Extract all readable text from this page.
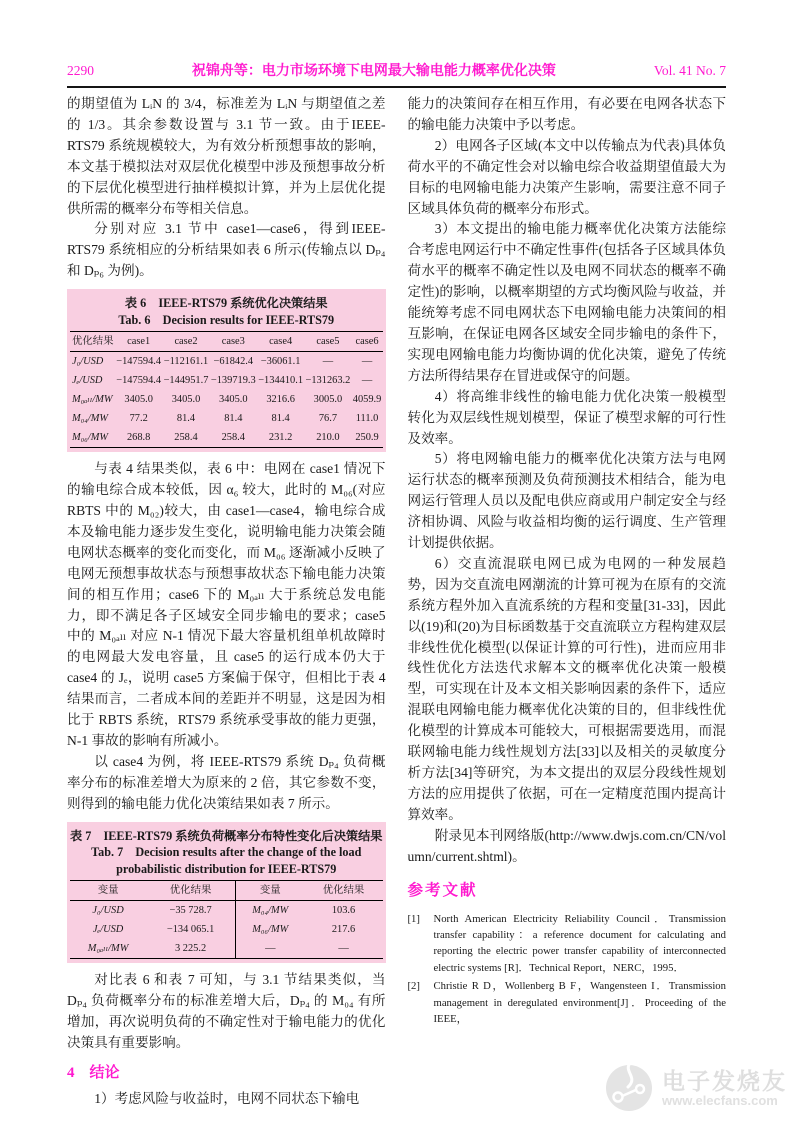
2290	祝锦舟等：电力市场环境下电网最大输电能力概率优化决策	Vol. 41 No. 7

的期望值为 LᵢN 的 3/4，标准差为 LᵢN 与期望值之差的 1/3。其余参数设置与 3.1 节一致。由于IEEE-RTS79 系统规模较大，为有效分析预想事故的影响，本文基于模拟法对双层优化模型中涉及预想事故分析的下层优化模型进行抽样模拟计算，并为上层优化提供所需的概率分布等相关信息。

分别对应 3.1 节中 case1—case6，得到IEEE-RTS79 系统相应的分析结果如表 6 所示(传输点以 Dₚ₄ 和 Dₚ₆ 为例)。

表 6　IEEE-RTS79 系统优化决策结果
Tab. 6　Decision results for IEEE-RTS79
优化结果	case1	case2	case3	case4	case5	case6
J₀/USD	−147594.4	−112161.1	−61842.4	−36061.1	—	—
Jₑ/USD	−147594.4	−144951.7	−139719.3	−134410.1	−131263.2	—
M₀ₐₗₗ/MW	3405.0	3405.0	3405.0	3216.6	3005.0	4059.9
M₀₄/MW	77.2	81.4	81.4	81.4	76.7	111.0
M₀₆/MW	268.8	258.4	258.4	231.2	210.0	250.9

与表 4 结果类似，表 6 中：电网在 case1 情况下的输电综合成本较低，因 α₆ 较大，此时的 M₀₆(对应 RBTS 中的 M₀₂)较大，由 case1—case4，输电综合成本及输电能力逐步发生变化，说明输电能力决策会随电网状态概率的变化而变化，而 M₀₆ 逐渐减小反映了电网无预想事故状态与预想事故状态下输电能力决策间的相互作用；case6 下的 M₀ₐₗₗ 大于系统总发电能力，即不满足各子区域安全同步输电的要求；case5 中的 M₀ₐₗₗ 对应 N-1 情况下最大容量机组单机故障时的电网最大发电容量，且 case5 的运行成本仍大于 case4 的 Jₑ，说明 case5 方案偏于保守，但相比于表 4 结果而言，二者成本间的差距并不明显，这是因为相比于 RBTS 系统，RTS79 系统承受事故的能力更强，N-1 事故的影响有所减小。

以 case4 为例，将 IEEE-RTS79 系统 Dₚ₄ 负荷概率分布的标准差增大为原来的 2 倍，其它参数不变，则得到的输电能力优化决策结果如表 7 所示。

表 7　IEEE-RTS79 系统负荷概率分布特性变化后决策结果
Tab. 7　Decision results after the change of the load probabilistic distribution for IEEE-RTS79
变量	优化结果	变量	优化结果
J₀/USD	−35 728.7	M₀₄/MW	103.6
Jₑ/USD	−134 065.1	M₀₆/MW	217.6
M₀ₐₗₗ/MW	3 225.2	—	—

对比表 6 和表 7 可知，与 3.1 节结果类似，当 Dₚ₄ 负荷概率分布的标准差增大后，Dₚ₄ 的 M₀₄ 有所增加，再次说明负荷的不确定性对于输电能力的优化决策具有重要影响。

4　结论

1）考虑风险与收益时，电网不同状态下输电

能力的决策间存在相互作用，有必要在电网各状态下的输电能力决策中予以考虑。

2）电网各子区域(本文中以传输点为代表)具体负荷水平的不确定性会对以输电综合收益期望值最大为目标的电网输电能力决策产生影响，需要注意不同子区域具体负荷的概率分布形式。

3）本文提出的输电能力概率优化决策方法能综合考虑电网运行中不确定性事件(包括各子区域具体负荷水平的概率不确定性以及电网不同状态的概率不确定性)的影响，以概率期望的方式均衡风险与收益，并能统筹考虑不同电网状态下电网输电能力决策间的相互影响，在保证电网各区域安全同步输电的条件下，实现电网输电能力均衡协调的优化决策，避免了传统方法所得结果存在冒进或保守的问题。

4）将高维非线性的输电能力优化决策一般模型转化为双层线性规划模型，保证了模型求解的可行性及效率。

5）将电网输电能力的概率优化决策方法与电网运行状态的概率预测及负荷预测技术相结合，能为电网运行管理人员以及配电供应商或用户制定安全与经济相协调、风险与收益相均衡的运行调度、生产管理计划提供依据。

6）交直流混联电网已成为电网的一种发展趋势，因为交直流电网潮流的计算可视为在原有的交流系统方程外加入直流系统的方程和变量[31-33]，因此以(19)和(20)为目标函数基于交直流联立方程构建双层非线性优化模型(以保证计算的可行性)，进而应用非线性优化方法迭代求解本文的概率优化决策一般模型，可实现在计及本文相关影响因素的条件下，适应混联电网输电能力概率优化决策的目的，但非线性优化模型的计算成本可能较大，可根据需要选用，而混联网输电能力线性规划方法[33]以及相关的灵敏度分析方法[34]等研究，为本文提出的双层分段线性规划方法的应用提供了依据，可在一定精度范围内提高计算效率。

附录见本刊网络版(http://www.dwjs.com.cn/CN/volumn/current.shtml)。

参考文献
[1]	North American Electricity Reliability Council．Transmission transfer capability：a reference document for calculating and reporting the electric power transfer capability of interconnected electric systems [R]．Technical Report，NERC，1995．
[2]	Christie R D，Wollenberg B F，Wangensteen I．Transmission management in deregulated environment[J]．Proceeding of the IEEE，
电子发烧友
www.elecfans.com
